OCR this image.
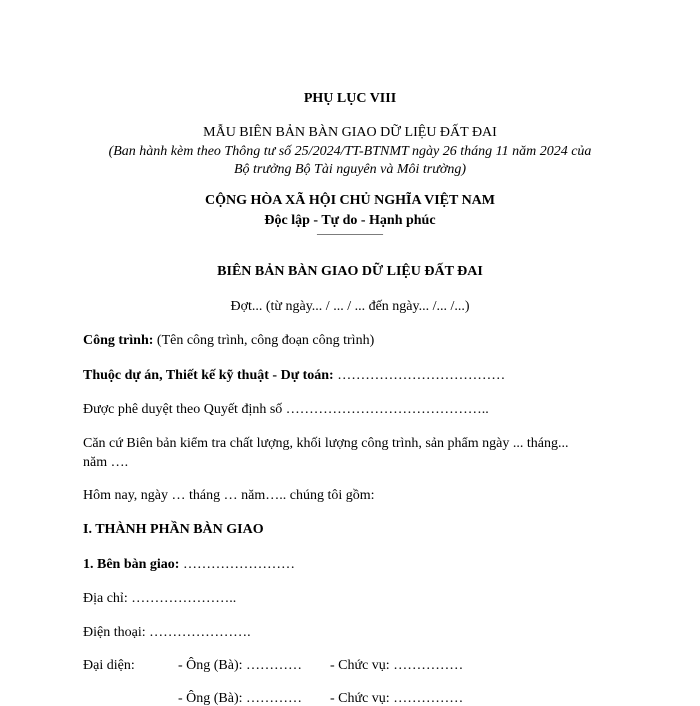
PHỤ LỤC VIII
MẪU BIÊN BẢN BÀN GIAO DỮ LIỆU ĐẤT ĐAI
(Ban hành kèm theo Thông tư số 25/2024/TT-BTNMT ngày 26 tháng 11 năm 2024 của
Bộ trưởng Bộ Tài nguyên và Môi trường)
CỘNG HÒA XÃ HỘI CHỦ NGHĨA VIỆT NAM
Độc lập - Tự do - Hạnh phúc
——————
BIÊN BẢN BÀN GIAO DỮ LIỆU ĐẤT ĐAI
Đợt... (từ ngày... / ... / ... đến ngày... /... /...)
Công trình: (Tên công trình, công đoạn công trình)
Thuộc dự án, Thiết kế kỹ thuật - Dự toán: ………………………………
Được phê duyệt theo Quyết định số ……………………………………..
Căn cứ Biên bản kiểm tra chất lượng, khối lượng công trình, sản phẩm ngày ... tháng...
năm ….
Hôm nay, ngày … tháng … năm….. chúng tôi gồm:
I. THÀNH PHẦN BÀN GIAO
1. Bên bàn giao: ……………………
Địa chỉ: …………………..
Điện thoại: ………………….
Đại diện:	- Ông (Bà): ………… - Chức vụ: ……………
- Ông (Bà): ………… - Chức vụ: ……………
